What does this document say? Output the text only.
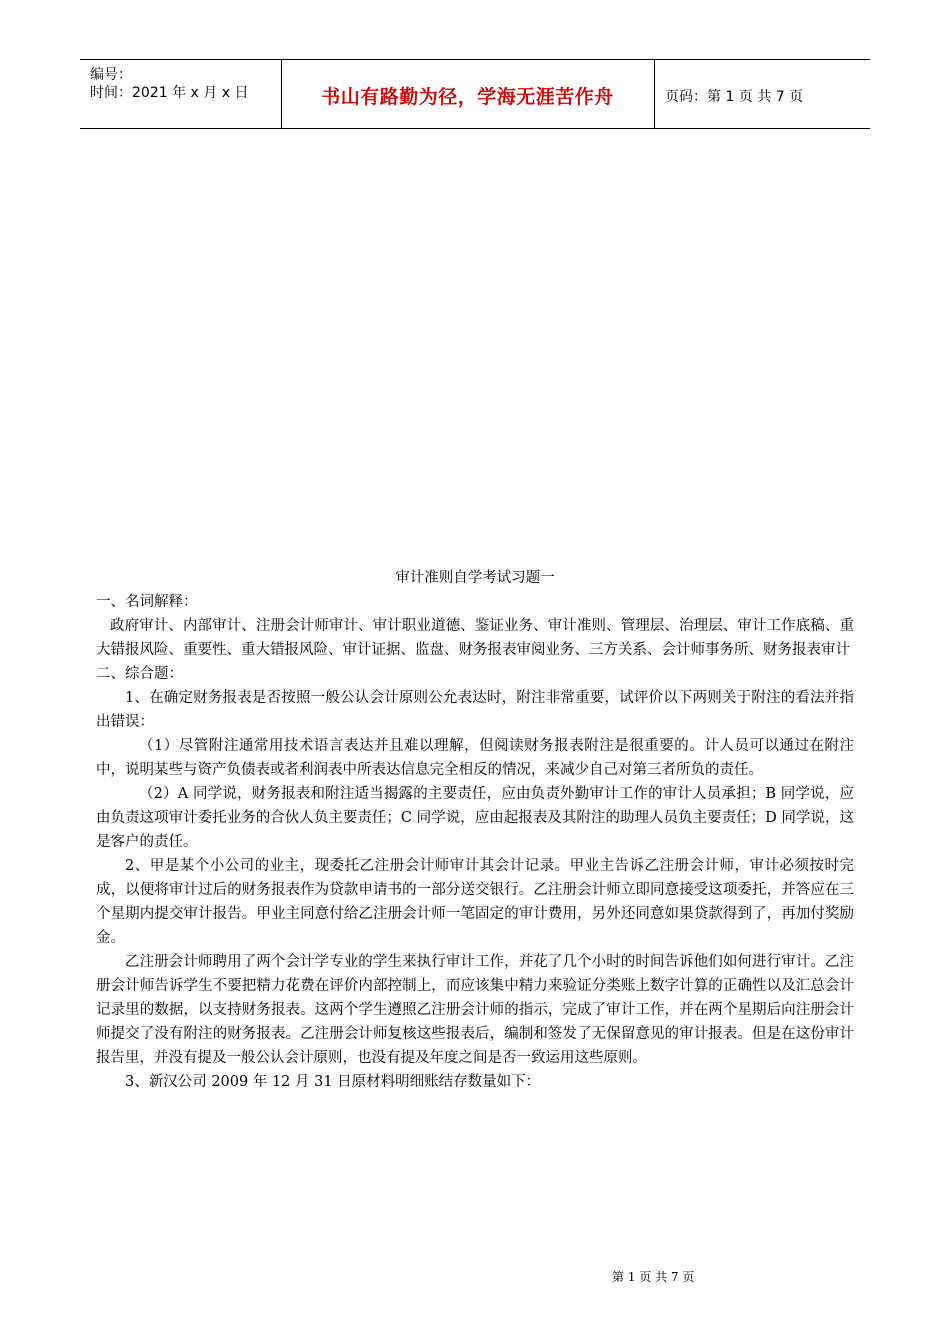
编号：
时间：2021 年 x 月 x 日	书山有路勤为径，学海无涯苦作舟	页码：第 1 页 共 7 页

审计准则自学考试习题一

一、名词解释：

政府审计、内部审计、注册会计师审计、审计职业道德、鉴证业务、审计准则、管理层、治理层、审计工作底稿、重大错报风险、重要性、重大错报风险、审计证据、监盘、财务报表审阅业务、三方关系、会计师事务所、财务报表审计

二、综合题：

1、在确定财务报表是否按照一般公认会计原则公允表达时，附注非常重要，试评价以下两则关于附注的看法并指出错误：

（1）尽管附注通常用技术语言表达并且难以理解，但阅读财务报表附注是很重要的。计人员可以通过在附注中，说明某些与资产负债表或者利润表中所表达信息完全相反的情况，来减少自己对第三者所负的责任。

（2）A 同学说，财务报表和附注适当揭露的主要责任，应由负责外勤审计工作的审计人员承担；B 同学说，应由负责这项审计委托业务的合伙人负主要责任；C 同学说，应由起报表及其附注的助理人员负主要责任；D 同学说，这是客户的责任。

2、甲是某个小公司的业主，现委托乙注册会计师审计其会计记录。甲业主告诉乙注册会计师，审计必须按时完成，以便将审计过后的财务报表作为贷款申请书的一部分送交银行。乙注册会计师立即同意接受这项委托，并答应在三个星期内提交审计报告。甲业主同意付给乙注册会计师一笔固定的审计费用，另外还同意如果贷款得到了，再加付奖励金。

乙注册会计师聘用了两个会计学专业的学生来执行审计工作，并花了几个小时的时间告诉他们如何进行审计。乙注册会计师告诉学生不要把精力花费在评价内部控制上，而应该集中精力来验证分类账上数字计算的正确性以及汇总会计记录里的数据，以支持财务报表。这两个学生遵照乙注册会计师的指示，完成了审计工作，并在两个星期后向注册会计师提交了没有附注的财务报表。乙注册会计师复核这些报表后，编制和签发了无保留意见的审计报表。但是在这份审计报告里，并没有提及一般公认会计原则，也没有提及年度之间是否一致运用这些原则。

3、新汉公司 2009 年 12 月 31 日原材料明细账结存数量如下：

第 1 页 共 7 页
